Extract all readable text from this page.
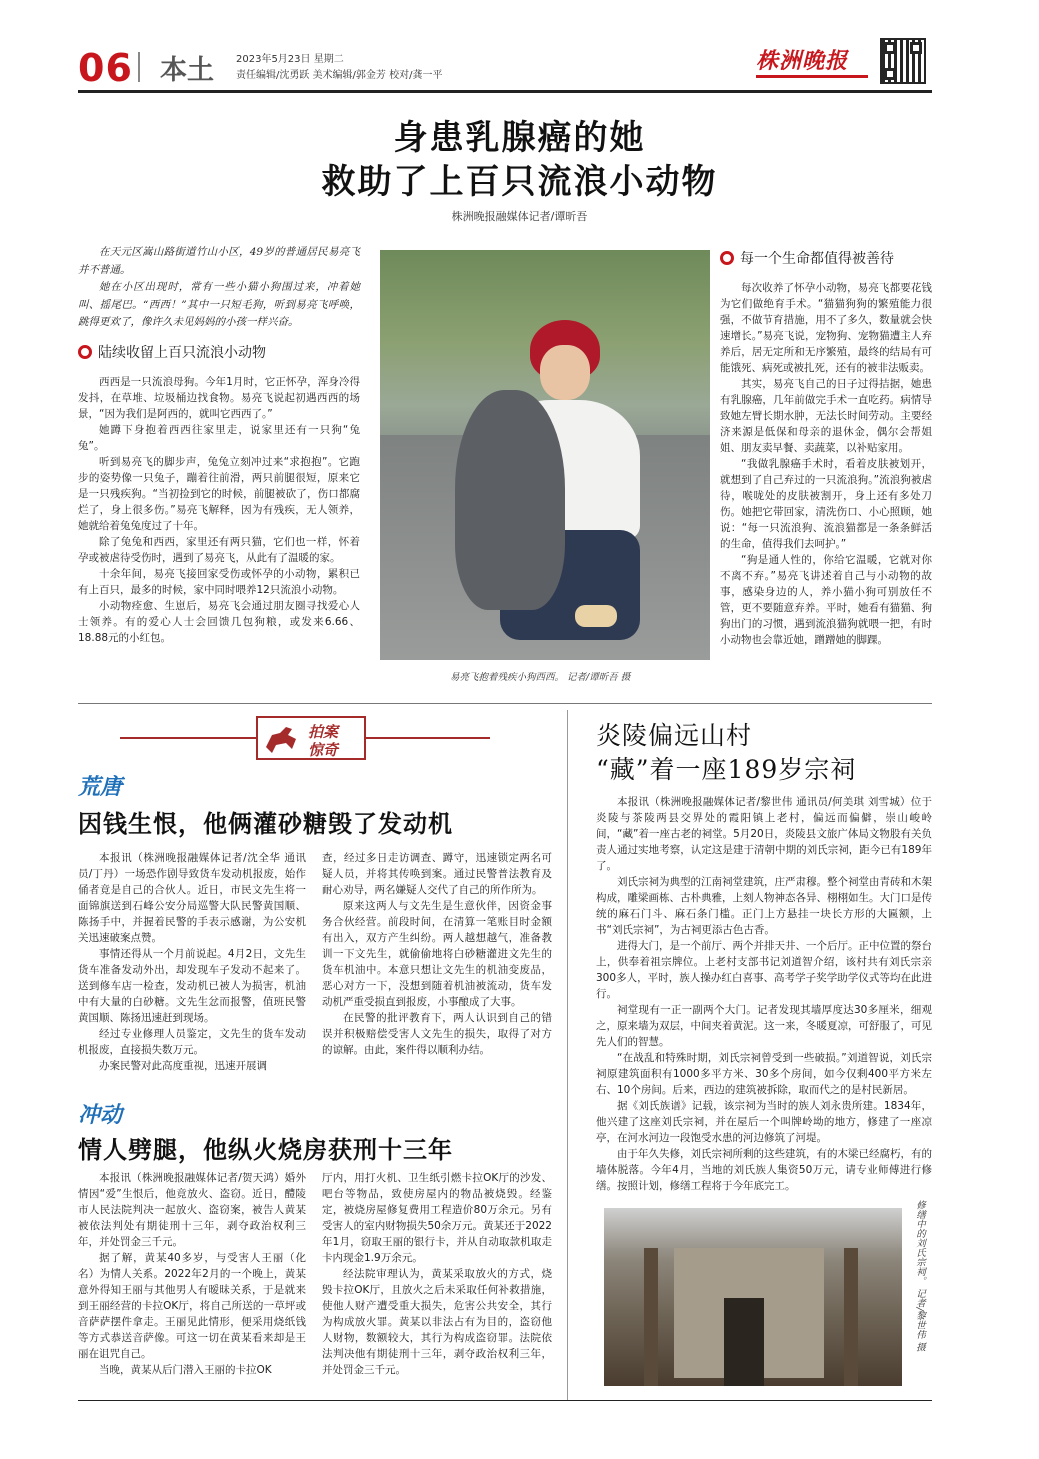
06 本土 2023年5月23日 星期二
责任编辑/沈勇跃 美术编辑/郭金芳 校对/龚一平
株洲晚报
身患乳腺癌的她
救助了上百只流浪小动物
株洲晚报融媒体记者/谭昕吾

在天元区嵩山路街道竹山小区，49岁的普通居民易亮飞并不普通。

她在小区出现时，常有一些小猫小狗围过来，冲着她叫、摇尾巴。“西西！”其中一只短毛狗，听到易亮飞呼唤，跳得更欢了，像许久未见妈妈的小孩一样兴奋。

陆续收留上百只流浪小动物

西西是一只流浪母狗。今年1月时，它正怀孕，浑身冷得发抖，在草堆、垃圾桶边找食物。易亮飞说起初遇西西的场景，“因为我们是阿西的，就叫它西西了。”

她蹲下身抱着西西往家里走，说家里还有一只狗“兔兔”。

听到易亮飞的脚步声，兔兔立刻冲过来“求抱抱”。它跑步的姿势像一只兔子，蹦着往前滑，两只前腿很短，原来它是一只残疾狗。“当初捡到它的时候，前腿被砍了，伤口都腐烂了，身上很多伤。”易亮飞解释，因为有残疾，无人领养，她就给着兔兔度过了十年。

除了兔兔和西西，家里还有两只猫，它们也一样，怀着孕或被虐待受伤时，遇到了易亮飞，从此有了温暖的家。

十余年间，易亮飞接回家受伤或怀孕的小动物，累积已有上百只，最多的时候，家中同时喂养12只流浪小动物。

小动物痊愈、生崽后，易亮飞会通过朋友圈寻找爱心人士领养。有的爱心人士会回馈几包狗粮，或发来6.66、18.88元的小红包。

易亮飞抱着残疾小狗西西。 记者/谭昕吾 摄
每一个生命都值得被善待

每次收养了怀孕小动物，易亮飞都要花钱为它们做绝育手术。“猫猫狗狗的繁殖能力很强，不做节育措施，用不了多久，数量就会快速增长。”易亮飞说，宠物狗、宠物猫遭主人弃养后，居无定所和无序繁殖，最终的结局有可能饿死、病死或被扎死，还有的被非法贩卖。

其实，易亮飞自己的日子过得拮据，她患有乳腺癌，几年前做完手术一直吃药。病情导致她左臂长期水肿，无法长时间劳动。主要经济来源是低保和母亲的退休金，偶尔会帮姐姐、朋友卖早餐、卖蔬菜，以补贴家用。

“我做乳腺癌手术时，看着皮肤被划开，就想到了自己弃过的一只流浪狗。”流浪狗被虐待，喉咙处的皮肤被割开，身上还有多处刀伤。她把它带回家，清洗伤口、小心照顾，她说：“每一只流浪狗、流浪猫都是一条条鲜活的生命，值得我们去呵护。”

“狗是通人性的，你给它温暖，它就对你不离不弃。”易亮飞讲述着自己与小动物的故事，感染身边的人，养小猫小狗可别放任不管，更不要随意弃养。平时，她看有猫猫、狗狗出门的习惯，遇到流浪猫狗就喂一把，有时小动物也会靠近她，蹭蹭她的脚踝。

拍案
惊奇
荒唐
因钱生恨，他俩灌砂糖毁了发动机

本报讯（株洲晚报融媒体记者/沈全华 通讯员/丁丹）一场恐作剧导致货车发动机报废，始作俑者竟是自己的合伙人。近日，市民文先生将一面锦旗送到石峰公安分局巡警大队民警黄国顺、陈扬手中，并握着民警的手表示感谢，为公安机关迅速破案点赞。

事情还得从一个月前说起。4月2日，文先生货车准备发动外出，却发现车子发动不起来了。送到修车店一检查，发动机已被人为损害，机油中有大量的白砂糖。文先生忿而报警，值班民警黄国顺、陈扬迅速赶到现场。

经过专业修理人员鉴定，文先生的货车发动机报废，直接损失数万元。

办案民警对此高度重视，迅速开展调

查，经过多日走访调查、蹲守，迅速锁定两名可疑人员，并将其传唤到案。通过民警普法教育及耐心劝导，两名嫌疑人交代了自己的所作所为。

原来这两人与文先生是生意伙伴，因资金事务合伙经营。前段时间，在清算一笔账目时金额有出入，双方产生纠纷。两人越想越气，准备教训一下文先生，就偷偷地将白砂糖灌进文先生的货车机油中。本意只想让文先生的机油变废品，恶心对方一下，没想到随着机油被流动，货车发动机严重受损直到报废，小事酿成了大事。

在民警的批评教育下，两人认识到自己的错误并积极赔偿受害人文先生的损失，取得了对方的谅解。由此，案件得以顺利办结。

冲动
情人劈腿，他纵火烧房获刑十三年

本报讯（株洲晚报融媒体记者/贺天鸿）婚外情因“爱”生恨后，他竟放火、盗窃。近日，醴陵市人民法院判决一起放火、盗窃案，被告人黄某被依法判处有期徒刑十三年，剥夺政治权利三年，并处罚金三千元。

据了解，黄某40多岁，与受害人王丽（化名）为情人关系。2022年2月的一个晚上，黄某意外得知王丽与其他男人有暧昧关系，于是就来到王丽经营的卡拉OK厅，将自己所送的一草坪或音萨萨摆件拿走。王丽见此情形，便采用烧纸钱等方式恭送音萨像。可这一切在黄某看来却是王丽在诅咒自己。

当晚，黄某从后门潜入王丽的卡拉OK

厅内，用打火机、卫生纸引燃卡拉OK厅的沙发、吧台等物品，致使房屋内的物品被烧毁。经鉴定，被烧房屋修复费用工程造价80万余元。另有受害人的室内财物损失50余万元。黄某还于2022年1月，窃取王丽的银行卡，并从自动取款机取走卡内现金1.9万余元。

经法院审理认为，黄某采取放火的方式，烧毁卡拉OK厅，且放火之后未采取任何补救措施，使他人财产遭受重大损失，危害公共安全，其行为构成放火罪。黄某以非法占有为目的，盗窃他人财物，数额较大，其行为构成盗窃罪。法院依法判决他有期徒刑十三年，剥夺政治权利三年，并处罚金三千元。

炎陵偏远山村
“藏”着一座189岁宗祠

本报讯（株洲晚报融媒体记者/黎世伟 通讯员/何美琪 刘雪城）位于炎陵与茶陵两县交界处的霞阳镇上老村，偏远而偏僻，崇山峻岭间，“藏”着一座古老的祠堂。5月20日，炎陵县文旅广体局文物股有关负责人通过实地考察，认定这是建于清朝中期的刘氏宗祠，距今已有189年了。

刘氏宗祠为典型的江南祠堂建筑，庄严肃穆。整个祠堂由青砖和木架构成，雕梁画栋、古朴典雅，上刻人物神态各异、栩栩如生。大门口是传统的麻石门斗、麻石条门槛。正门上方悬挂一块长方形的大匾额，上书“刘氏宗祠”，为古祠更添古色古香。

进得大门，是一个前厅、两个并排天井、一个后厅。正中位置的祭台上，供奉着祖宗牌位。上老村支部书记刘道智介绍，该村共有刘氏宗亲300多人，平时，族人操办红白喜事、高考学子奖学助学仪式等均在此进行。

祠堂现有一正一副两个大门。记者发现其墙厚度达30多厘米，细观之，原来墙为双层，中间夹着黄泥。这一来，冬暖夏凉，可舒服了，可见先人们的智慧。

“在战乱和特殊时期，刘氏宗祠曾受到一些破损。”刘道智说，刘氏宗祠原建筑面积有1000多平方米、30多个房间，如今仅剩400平方米左右、10个房间。后来，西边的建筑被拆除，取而代之的是村民新居。

据《刘氏族谱》记载，该宗祠为当时的族人刘永贵所建。1834年，他兴建了这座刘氏宗祠，并在屋后一个叫牌岭坳的地方，修建了一座凉亭，在河水河边一段饱受水患的河边修筑了河堤。

由于年久失修，刘氏宗祠所剩的这些建筑，有的木梁已经腐朽，有的墙体脱落。今年4月，当地的刘氏族人集资50万元，请专业师傅进行修缮。按照计划，修缮工程将于今年底完工。

修缮中的刘氏宗祠。 记者/黎世伟 摄
